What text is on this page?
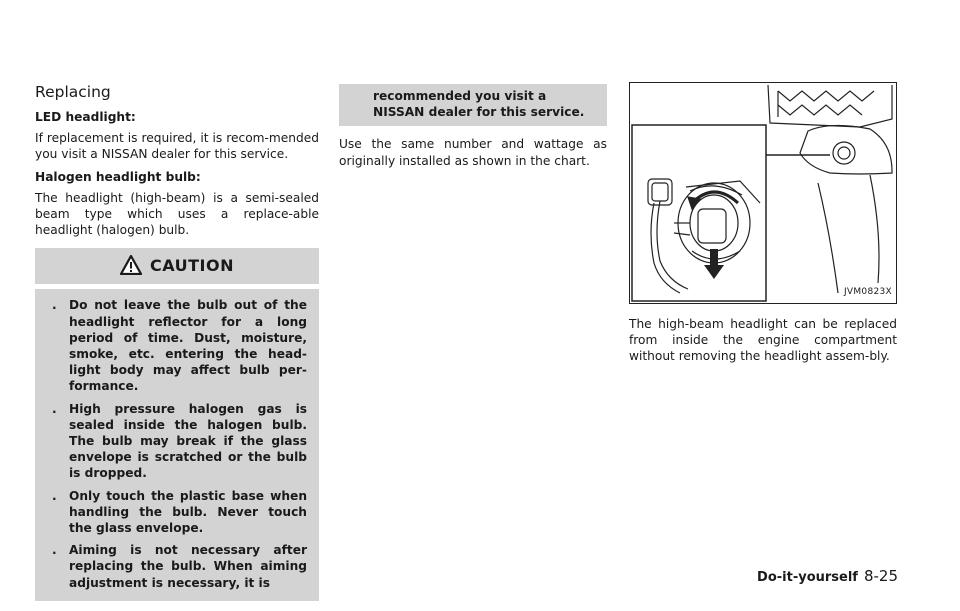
Replacing
LED headlight:
If replacement is required, it is recom-mended you visit a NISSAN dealer for this service.
Halogen headlight bulb:
The headlight (high-beam) is a semi-sealed beam type which uses a replace-able headlight (halogen) bulb.
CAUTION
.	Do not leave the bulb out of the headlight reflector for a long period of time. Dust, moisture, smoke, etc. entering the head-light body may affect bulb per-formance.
.	High pressure halogen gas is sealed inside the halogen bulb. The bulb may break if the glass envelope is scratched or the bulb is dropped.
.	Only touch the plastic base when handling the bulb. Never touch the glass envelope.
.	Aiming is not necessary after replacing the bulb. When aiming adjustment is necessary, it is
recommended you visit a NISSAN dealer for this service.
Use the same number and wattage as originally installed as shown in the chart.
JVM0823X
The high-beam headlight can be replaced from inside the engine compartment without removing the headlight assem-bly.
Do-it-yourself 8-25
